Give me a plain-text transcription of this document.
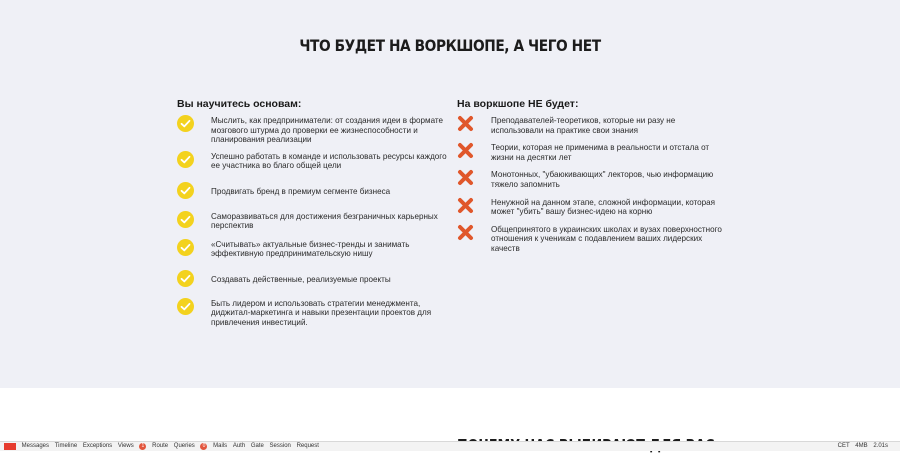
ЧТО БУДЕТ НА ВОРКШОПЕ, А ЧЕГО НЕТ
Вы научитесь основам:
Мыслить, как предприниматели: от создания идеи в формате мозгового штурма до проверки ее жизнеспособности и планирования реализации
Успешно работать в команде и использовать ресурсы каждого ее участника во благо общей цели
Продвигать бренд в премиум сегменте бизнеса
Саморазвиваться для достижения безграничных карьерных перспектив
«Считывать» актуальные бизнес-тренды и занимать эффективную предпринимательскую нишу
Создавать действенные, реализуемые проекты
Быть лидером и использовать стратегии менеджмента, диджитал-маркетинга и навыки презентации проектов для привлечения инвестиций.
На воркшопе НЕ будет:
Преподавателей-теоретиков, которые ни разу не использовали на практике свои знания
Теории, которая не применима в реальности и отстала от жизни на десятки лет
Монотонных, "убаюкивающих" лекторов, чью информацию тяжело запомнить
Ненужной на данном этапе, сложной информации, которая может "убить" вашу бизнес-идею на корню
Общепринятого в украинских школах и вузах поверхностного отношения к ученикам с подавлением ваших лидерских качеств
Messages Timeline Exceptions Views 1 Route Queries 0 Mails Auth Gate Session Request	CET 4MB 2.01s
